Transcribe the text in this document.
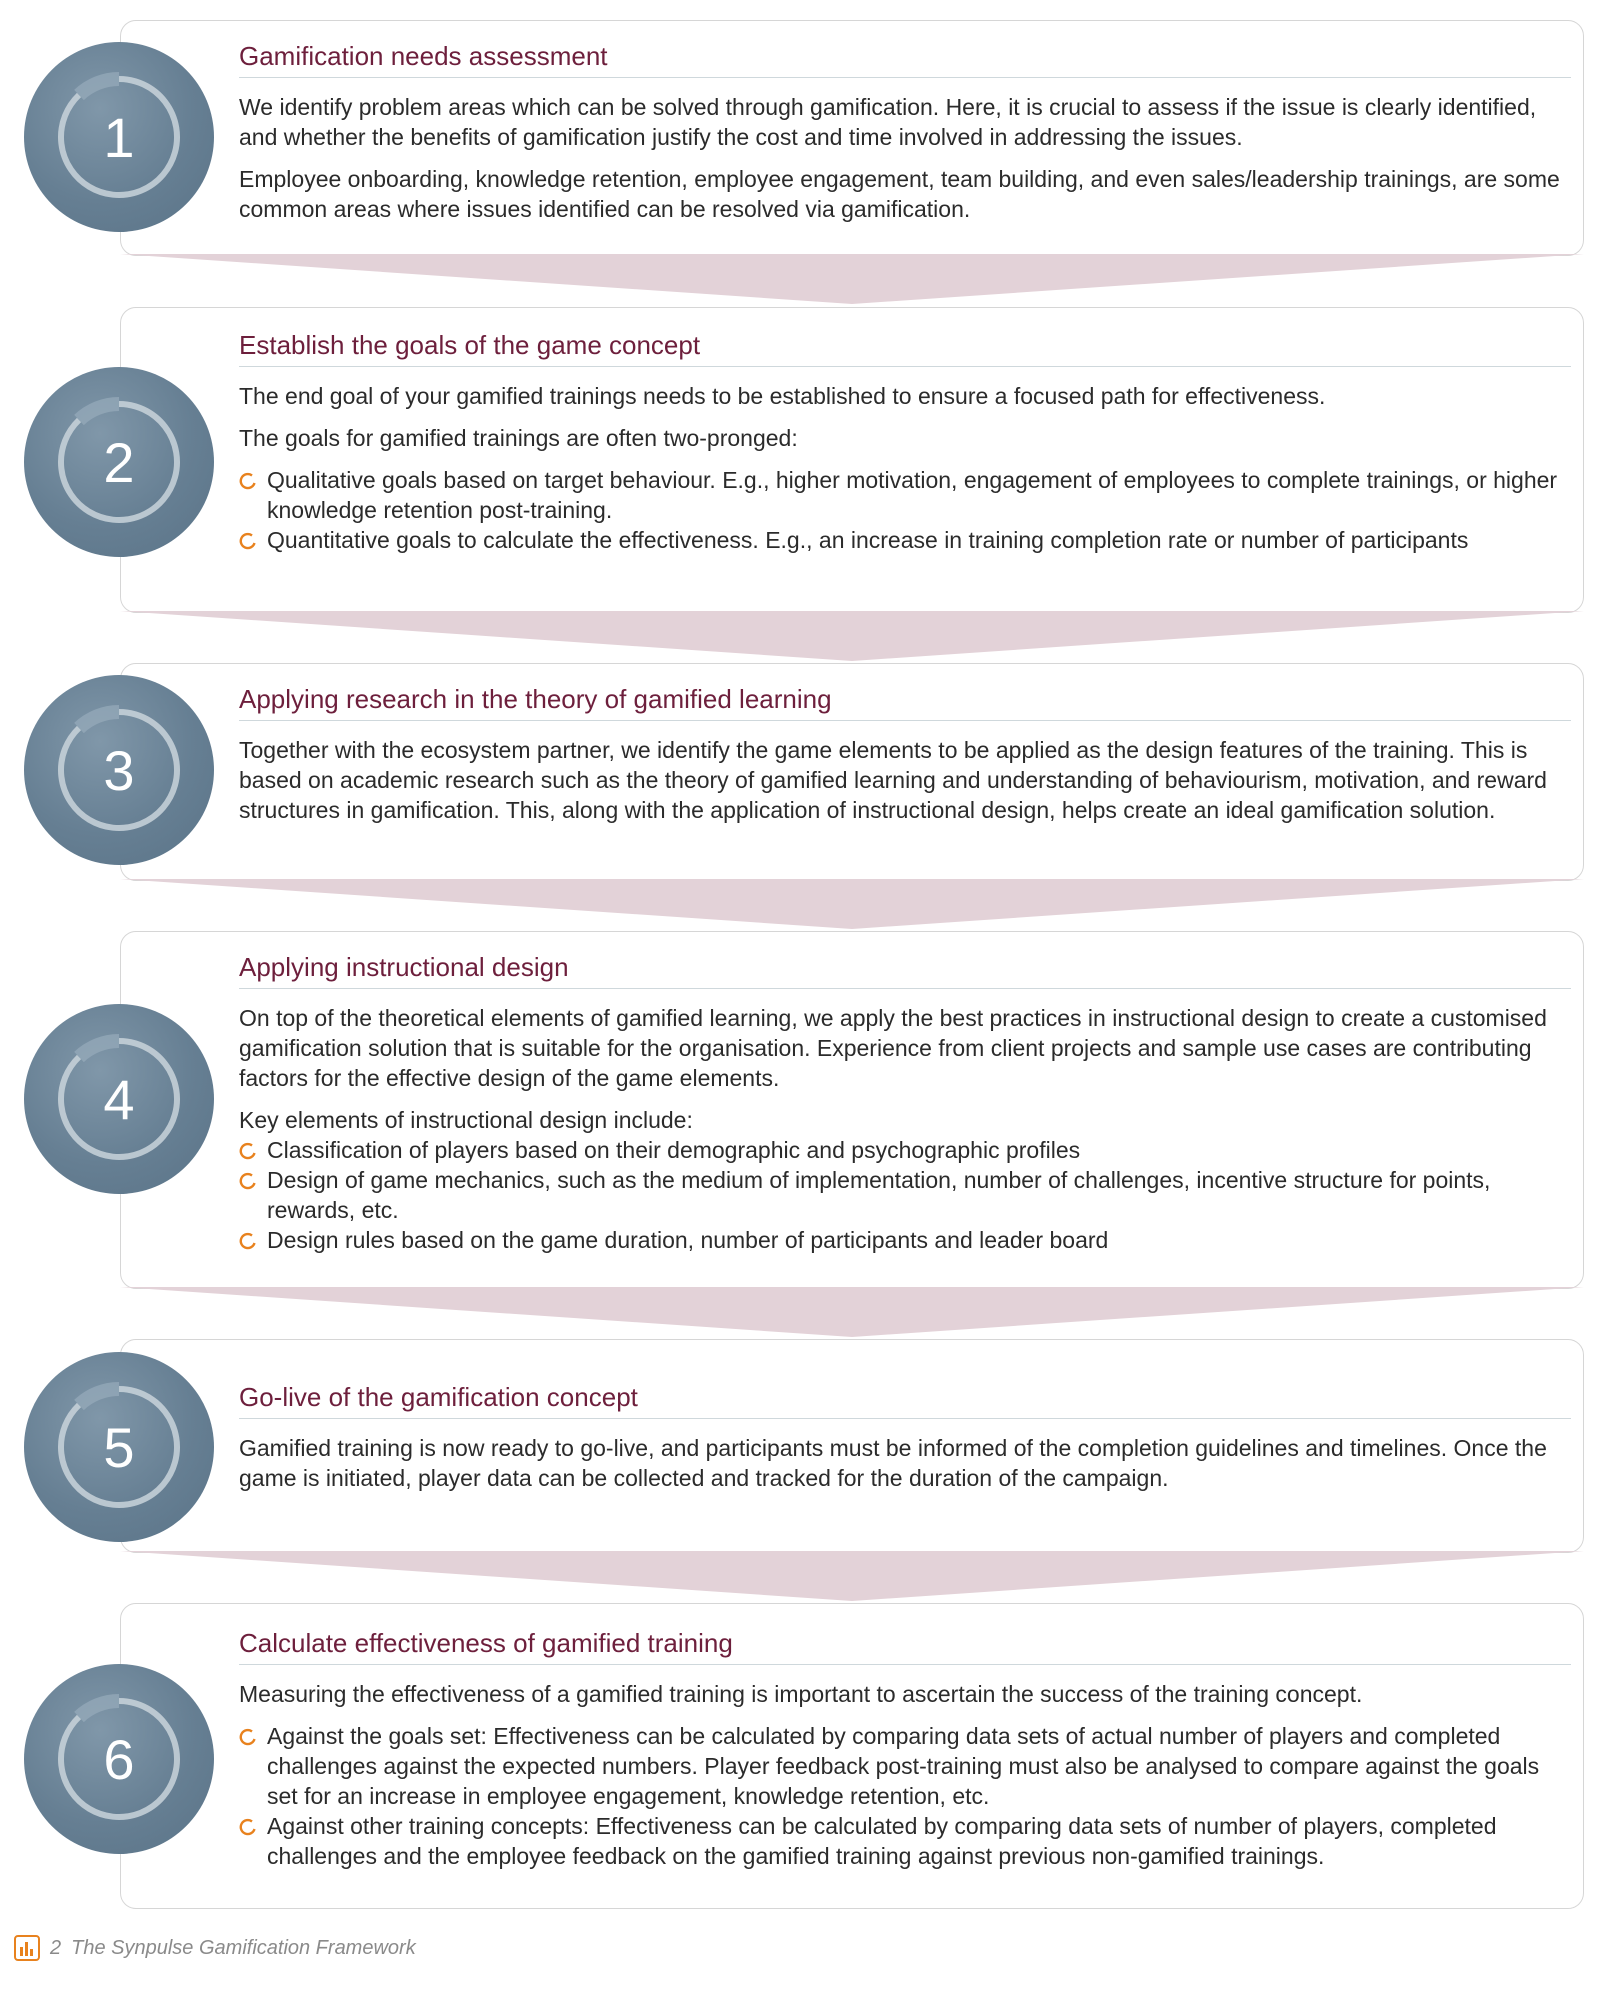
Gamification needs assessment

We identify problem areas which can be solved through gamification. Here, it is crucial to assess if the issue is clearly identified, and whether the benefits of gamification justify the cost and time involved in addressing the issues.

Employee onboarding, knowledge retention, employee engagement, team building, and even sales/leadership trainings, are some common areas where issues identified can be resolved via gamification.

1
Establish the goals of the game concept

The end goal of your gamified trainings needs to be established to ensure a focused path for effectiveness.

The goals for gamified trainings are often two-pronged:

Qualitative goals based on target behaviour. E.g., higher motivation, engagement of employees to complete trainings, or higher knowledge retention post-training.
Quantitative goals to calculate the effectiveness. E.g., an increase in training completion rate or number of participants
2
Applying research in the theory of gamified learning

Together with the ecosystem partner, we identify the game elements to be applied as the design features of the training. This is based on academic research such as the theory of gamified learning and understanding of behaviourism, motivation, and reward structures in gamification. This, along with the application of instructional design, helps create an ideal gamification solution.

3
Applying instructional design

On top of the theoretical elements of gamified learning, we apply the best practices in instructional design to create a customised gamification solution that is suitable for the organisation. Experience from client projects and sample use cases are contributing factors for the effective design of the game elements.

Key elements of instructional design include:

Classification of players based on their demographic and psychographic profiles
Design of game mechanics, such as the medium of implementation, number of challenges, incentive structure for points, rewards, etc.
Design rules based on the game duration, number of participants and leader board
4
Go-live of the gamification concept

Gamified training is now ready to go-live, and participants must be informed of the completion guidelines and timelines. Once the game is initiated, player data can be collected and tracked for the duration of the campaign.

5
Calculate effectiveness of gamified training

Measuring the effectiveness of a gamified training is important to ascertain the success of the training concept.

Against the goals set: Effectiveness can be calculated by comparing data sets of actual number of players and completed challenges against the expected numbers. Player feedback post-training must also be analysed to compare against the goals set for an increase in employee engagement, knowledge retention, etc.
Against other training concepts: Effectiveness can be calculated by comparing data sets of number of players, completed challenges and the employee feedback on the gamified training against previous non-gamified trainings.
6
2 The Synpulse Gamification Framework
